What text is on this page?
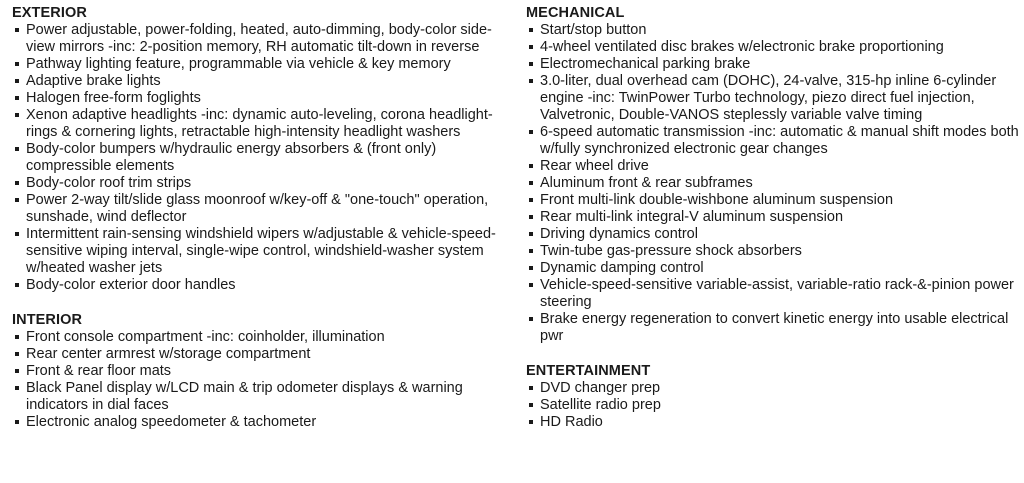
EXTERIOR
Power adjustable, power-folding, heated, auto-dimming, body-color side-view mirrors -inc: 2-position memory, RH automatic tilt-down in reverse
Pathway lighting feature, programmable via vehicle & key memory
Adaptive brake lights
Halogen free-form foglights
Xenon adaptive headlights -inc: dynamic auto-leveling, corona headlight-rings & cornering lights, retractable high-intensity headlight washers
Body-color bumpers w/hydraulic energy absorbers & (front only) compressible elements
Body-color roof trim strips
Power 2-way tilt/slide glass moonroof w/key-off & "one-touch" operation, sunshade, wind deflector
Intermittent rain-sensing windshield wipers w/adjustable & vehicle-speed-sensitive wiping interval, single-wipe control, windshield-washer system w/heated washer jets
Body-color exterior door handles
INTERIOR
Front console compartment -inc: coinholder, illumination
Rear center armrest w/storage compartment
Front & rear floor mats
Black Panel display w/LCD main & trip odometer displays & warning indicators in dial faces
Electronic analog speedometer & tachometer
MECHANICAL
Start/stop button
4-wheel ventilated disc brakes w/electronic brake proportioning
Electromechanical parking brake
3.0-liter, dual overhead cam (DOHC), 24-valve, 315-hp inline 6-cylinder engine -inc: TwinPower Turbo technology, piezo direct fuel injection, Valvetronic, Double-VANOS steplessly variable valve timing
6-speed automatic transmission -inc: automatic & manual shift modes both w/fully synchronized electronic gear changes
Rear wheel drive
Aluminum front & rear subframes
Front multi-link double-wishbone aluminum suspension
Rear multi-link integral-V aluminum suspension
Driving dynamics control
Twin-tube gas-pressure shock absorbers
Dynamic damping control
Vehicle-speed-sensitive variable-assist, variable-ratio rack-&-pinion power steering
Brake energy regeneration to convert kinetic energy into usable electrical pwr
ENTERTAINMENT
DVD changer prep
Satellite radio prep
HD Radio
